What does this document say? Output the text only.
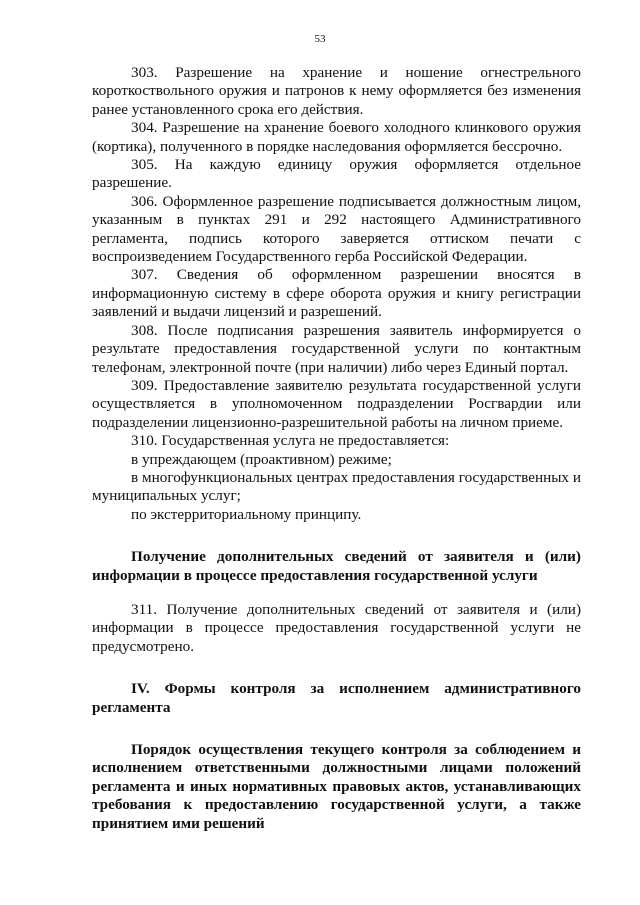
53

303. Разрешение на хранение и ношение огнестрельного короткоствольного оружия и патронов к нему оформляется без изменения ранее установленного срока его действия.

304. Разрешение на хранение боевого холодного клинкового оружия (кортика), полученного в порядке наследования оформляется бессрочно.

305. На каждую единицу оружия оформляется отдельное разрешение.

306. Оформленное разрешение подписывается должностным лицом, указанным в пунктах 291 и 292 настоящего Административного регламента, подпись которого заверяется оттиском печати с воспроизведением Государственного герба Российской Федерации.

307. Сведения об оформленном разрешении вносятся в информационную систему в сфере оборота оружия и книгу регистрации заявлений и выдачи лицензий и разрешений.

308. После подписания разрешения заявитель информируется о результате предоставления государственной услуги по контактным телефонам, электронной почте (при наличии) либо через Единый портал.

309. Предоставление заявителю результата государственной услуги осуществляется в уполномоченном подразделении Росгвардии или подразделении лицензионно-разрешительной работы на личном приеме.

310. Государственная услуга не предоставляется:

в упреждающем (проактивном) режиме;

в многофункциональных центрах предоставления государственных и муниципальных услуг;

по экстерриториальному принципу.

Получение дополнительных сведений от заявителя и (или) информации в процессе предоставления государственной услуги

311. Получение дополнительных сведений от заявителя и (или) информации в процессе предоставления государственной услуги не предусмотрено.

IV. Формы контроля за исполнением административного регламента

Порядок осуществления текущего контроля за соблюдением и исполнением ответственными должностными лицами положений регламента и иных нормативных правовых актов, устанавливающих требования к предоставлению государственной услуги, а также принятием ими решений
